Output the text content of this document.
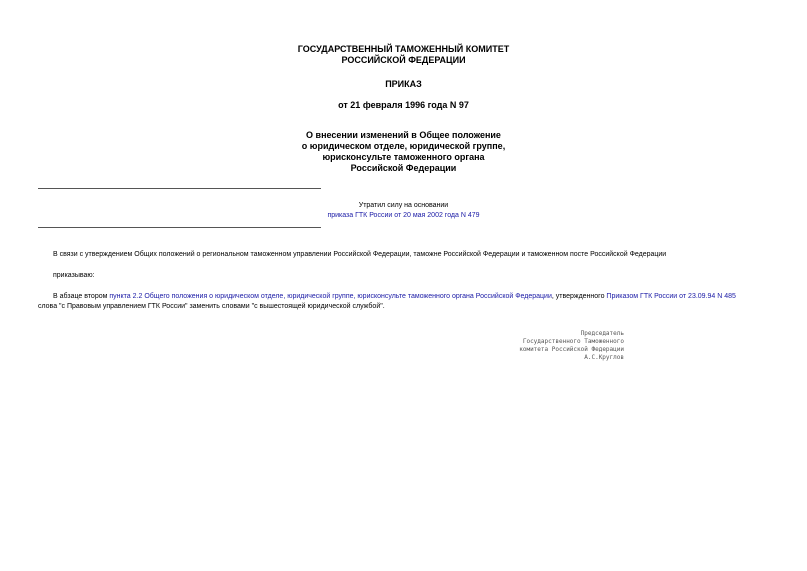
ГОСУДАРСТВЕННЫЙ ТАМОЖЕННЫЙ КОМИТЕТ
РОССИЙСКОЙ ФЕДЕРАЦИИ
ПРИКАЗ
от 21 февраля 1996 года N 97
О внесении изменений в Общее положение
о юридическом отделе, юридической группе,
юрисконсульте таможенного органа
Российской Федерации
Утратил силу на основании
приказа ГТК России от 20 мая 2002 года N 479
В связи с утверждением Общих положений о региональном таможенном управлении Российской Федерации, таможне Российской Федерации и таможенном посте Российской Федерации
приказываю:
В абзаце втором пункта 2.2 Общего положения о юридическом отделе, юридической группе, юрисконсульте таможенного органа Российской Федерации, утвержденного Приказом ГТК России от 23.09.94 N 485
слова "с Правовым управлением ГТК России" заменить словами "с вышестоящей юридической службой".
Председатель
Государственного Таможенного
комитета Российской Федерации
А.С.Круглов
